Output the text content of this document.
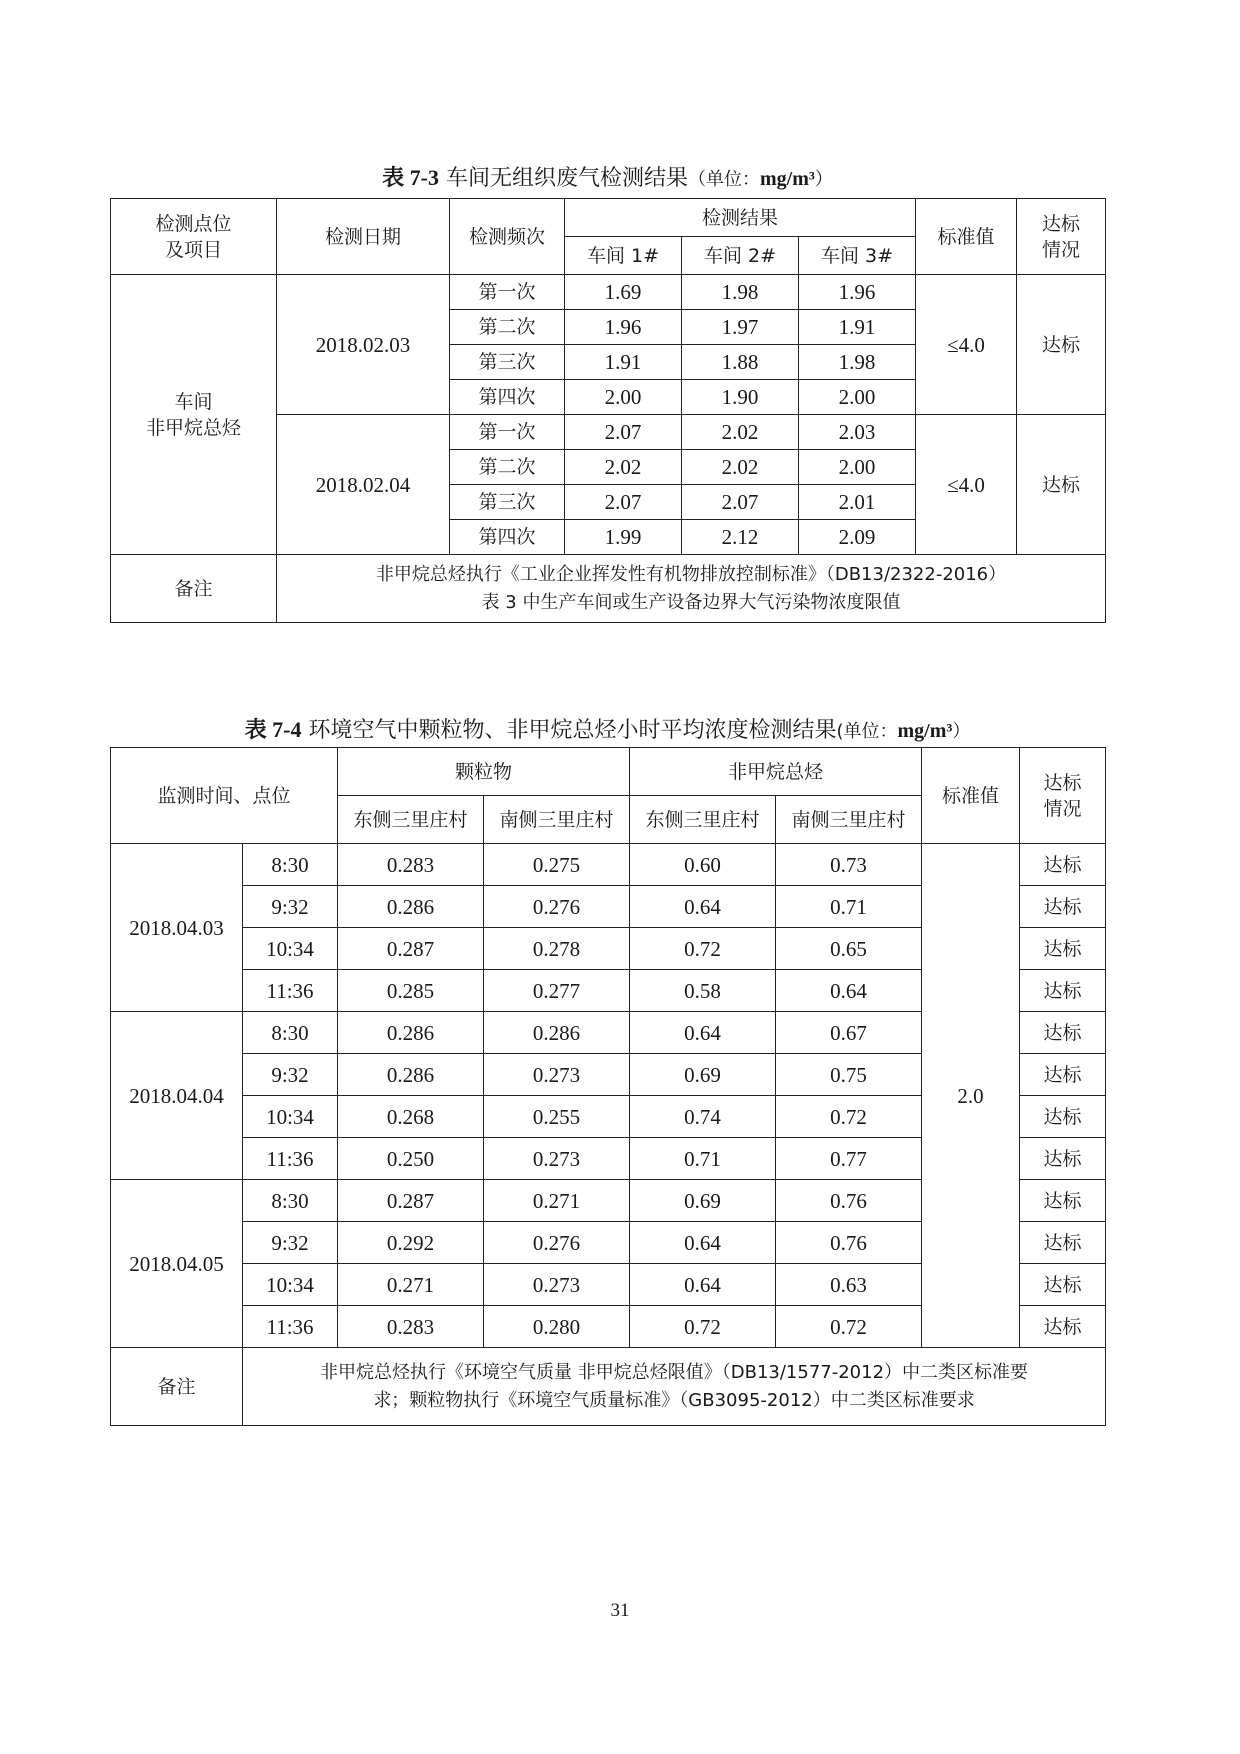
表 7-3 车间无组织废气检测结果（单位：mg/m³）
检测点位
及项目	检测日期	检测频次	检测结果			标准值	达标
情况
			车间 1#	车间 2#	车间 3#		
车间
非甲烷总烃	2018.02.03	第一次	1.69	1.98	1.96	≤4.0	达标
		第二次	1.96	1.97	1.91		
		第三次	1.91	1.88	1.98		
		第四次	2.00	1.90	2.00		
	2018.02.04	第一次	2.07	2.02	2.03	≤4.0	达标
		第二次	2.02	2.02	2.00		
		第三次	2.07	2.07	2.01		
		第四次	1.99	2.12	2.09		
备注	非甲烷总烃执行《工业企业挥发性有机物排放控制标准》（DB13/2322-2016）
表 3 中生产车间或生产设备边界大气污染物浓度限值						
表 7-4 环境空气中颗粒物、非甲烷总烃小时平均浓度检测结果(单位：mg/m³）
监测时间、点位		颗粒物		非甲烷总烃		标准值	达标
情况
		东侧三里庄村	南侧三里庄村	东侧三里庄村	南侧三里庄村		
2018.04.03	8:30	0.283	0.275	0.60	0.73	2.0	达标
	9:32	0.286	0.276	0.64	0.71		达标
	10:34	0.287	0.278	0.72	0.65		达标
	11:36	0.285	0.277	0.58	0.64		达标
2018.04.04	8:30	0.286	0.286	0.64	0.67		达标
	9:32	0.286	0.273	0.69	0.75		达标
	10:34	0.268	0.255	0.74	0.72		达标
	11:36	0.250	0.273	0.71	0.77		达标
2018.04.05	8:30	0.287	0.271	0.69	0.76		达标
	9:32	0.292	0.276	0.64	0.76		达标
	10:34	0.271	0.273	0.64	0.63		达标
	11:36	0.283	0.280	0.72	0.72		达标
备注	非甲烷总烃执行《环境空气质量 非甲烷总烃限值》（DB13/1577-2012）中二类区标准要
求；颗粒物执行《环境空气质量标准》（GB3095-2012）中二类区标准要求						
31
